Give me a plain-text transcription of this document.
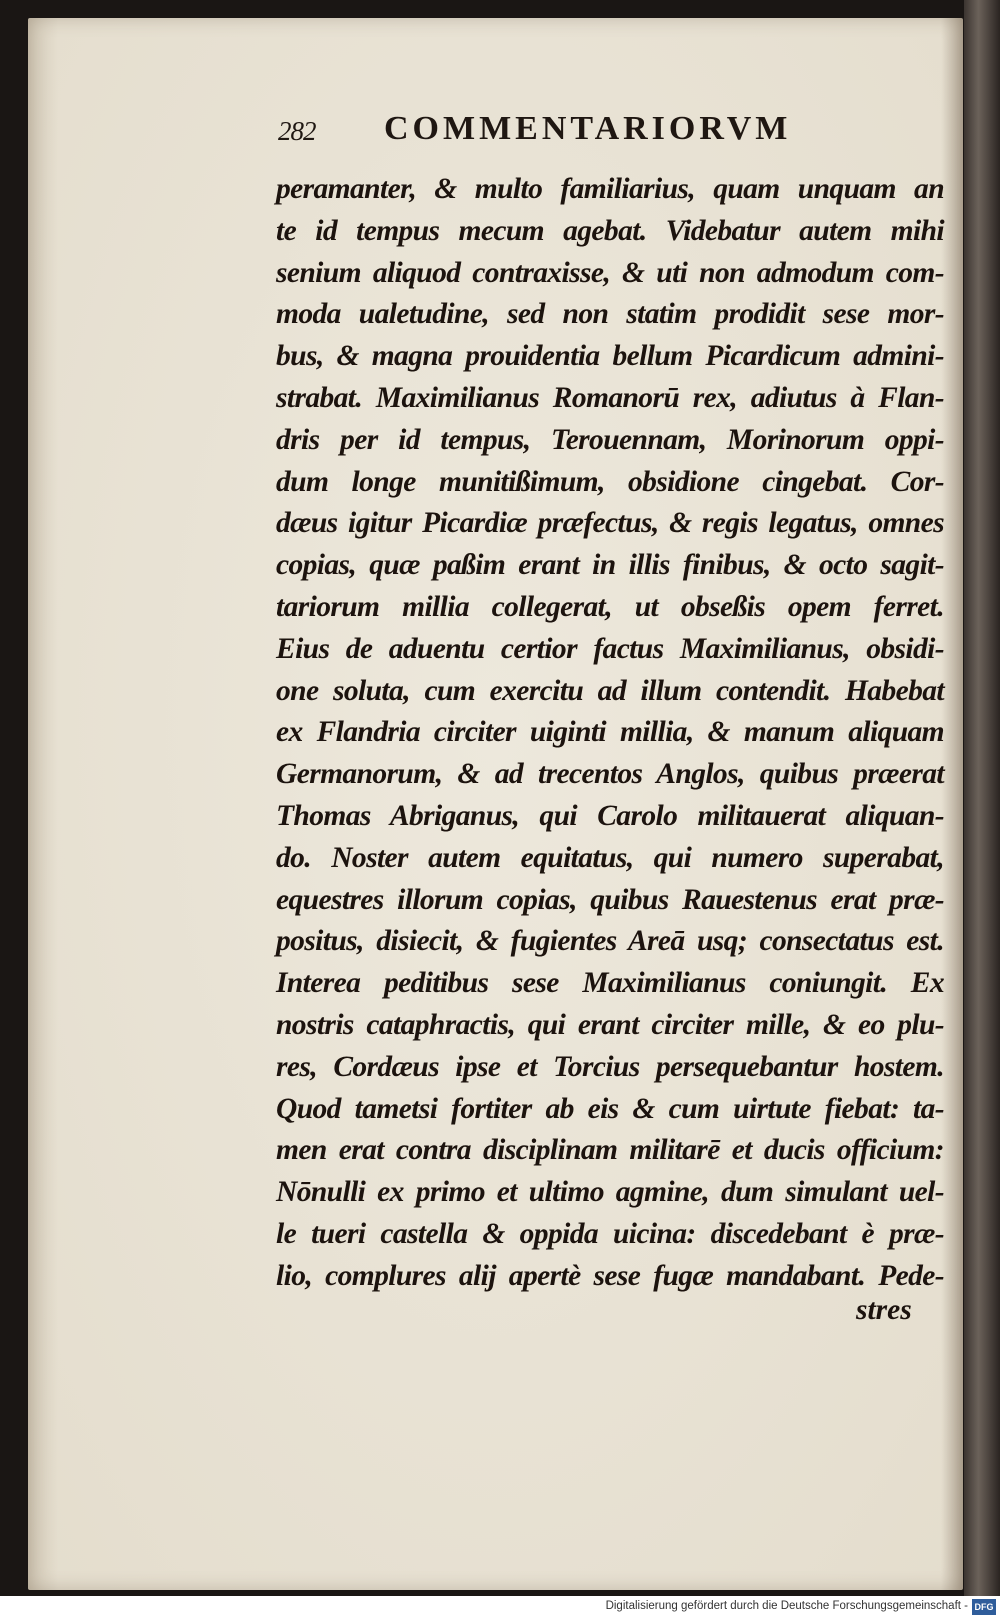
282 COMMENTARIORVM
peramanter, & multo familiarius, quam unquam an
te id tempus mecum agebat. Videbatur autem mihi
senium aliquod contraxisse, & uti non admodum com-
moda ualetudine, sed non statim prodidit sese mor-
bus, & magna prouidentia bellum Picardicum admini-
strabat. Maximilianus Romanorū rex, adiutus à Flan-
dris per id tempus, Terouennam, Morinorum oppi-
dum longe munitißimum, obsidione cingebat. Cor-
dæus igitur Picardiæ præfectus, & regis legatus, omnes
copias, quæ paßim erant in illis finibus, & octo sagit-
tariorum millia collegerat, ut obseßis opem ferret.
Eius de aduentu certior factus Maximilianus, obsidi-
one soluta, cum exercitu ad illum contendit. Habebat
ex Flandria circiter uiginti millia, & manum aliquam
Germanorum, & ad trecentos Anglos, quibus præerat
Thomas Abriganus, qui Carolo militauerat aliquan-
do. Noster autem equitatus, qui numero superabat,
equestres illorum copias, quibus Rauestenus erat præ-
positus, disiecit, & fugientes Areā usq; consectatus est.
Interea peditibus sese Maximilianus coniungit. Ex
nostris cataphractis, qui erant circiter mille, & eo plu-
res, Cordæus ipse et Torcius persequebantur hostem.
Quod tametsi fortiter ab eis & cum uirtute fiebat: ta-
men erat contra disciplinam militarē et ducis officium:
Nōnulli ex primo et ultimo agmine, dum simulant uel-
le tueri castella & oppida uicina: discedebant è præ-
lio, complures alij apertè sese fugæ mandabant. Pede-
stres
Digitalisierung gefördert durch die Deutsche Forschungsgemeinschaft - DFG
